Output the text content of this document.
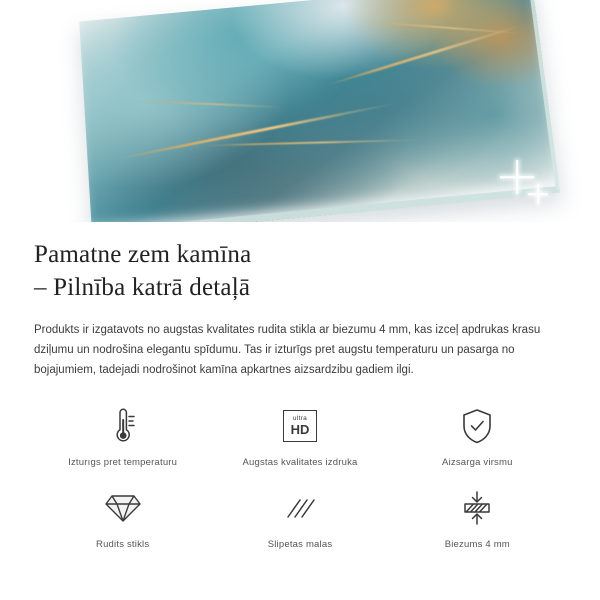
Pamatne zem kamīna
– Pilnība katrā detaļā

Produkts ir izgatavots no augstas kvalitates rudita stikla ar biezumu 4 mm, kas izceļ apdrukas krasu dziļumu un nodrošina elegantu spīdumu. Tas ir izturīgs pret augstu temperaturu un pasarga no bojajumiem, tadejadi nodrošinot kamīna apkartnes aizsardzibu gadiem ilgi.

Izturıgs pret temperaturu
ultra
HD
Augstas kvalitates izdruka	Aizsarga virsmu
Rudits stikls	Slipetas malas	Biezums 4 mm
